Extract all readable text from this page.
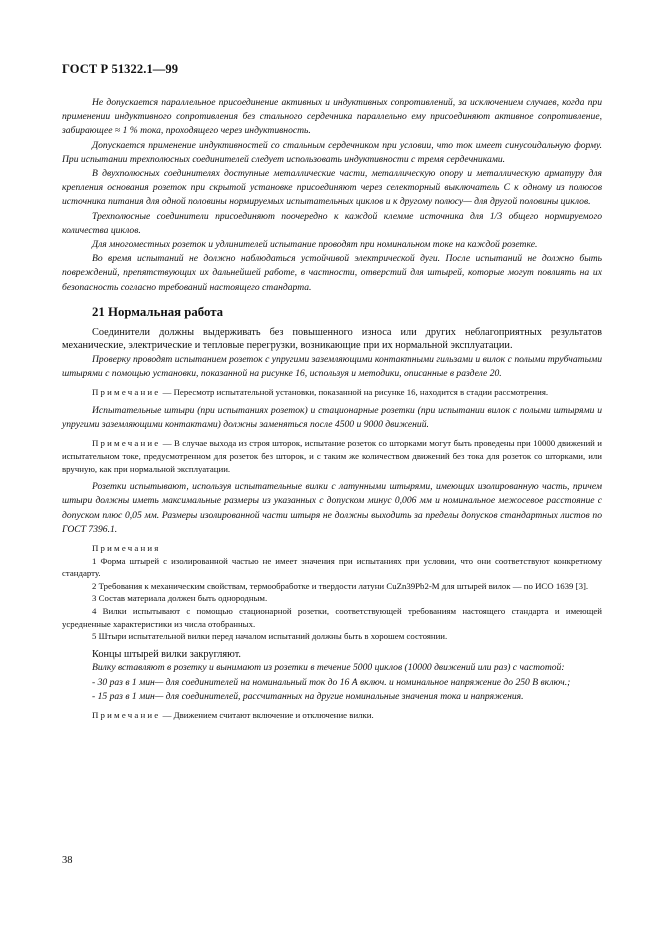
ГОСТ Р 51322.1—99

Не допускается параллельное присоединение активных и индуктивных сопротивлений, за исключением случаев, когда при применении индуктивного сопротивления без стального сердечника параллельно ему присоединяют активное сопротивление, забирающее ≈ 1 % тока, проходящего через индуктивность.

Допускается применение индуктивностей со стальным сердечником при условии, что ток имеет синусоидальную форму. При испытании трехполюсных соединителей следует использовать индуктивности с тремя сердечниками.

В двухполюсных соединителях доступные металлические части, металлическую опору и металлическую арматуру для крепления основания розеток при скрытой установке присоединяют через селекторный выключатель С к одному из полюсов источника питания для одной половины нормируемых испытательных циклов и к другому полюсу— для другой половины циклов.

Трехполюсные соединители присоединяют поочередно к каждой клемме источника для 1/3 общего нормируемого количества циклов.

Для многоместных розеток и удлинителей испытание проводят при номинальном токе на каждой розетке.

Во время испытаний не должно наблюдаться устойчивой электрической дуги. После испытаний не должно быть повреждений, препятствующих их дальнейшей работе, в частности, отверстий для штырей, которые могут повлиять на их безопасность согласно требований настоящего стандарта.

21 Нормальная работа

Соединители должны выдерживать без повышенного износа или других неблагоприятных результатов механические, электрические и тепловые перегрузки, возникающие при их нормальной эксплуатации.

Проверку проводят испытанием розеток с упругими заземляющими контактными гильзами и вилок с полыми трубчатыми штырями с помощью установки, показанной на рисунке 16, используя и методики, описанные в разделе 20.

Примечание — Пересмотр испытательной установки, показанной на рисунке 16, находится в стадии рассмотрения.

Испытательные штыри (при испытаниях розеток) и стационарные розетки (при испытании вилок с полыми штырями и упругими заземляющими контактами) должны заменяться после 4500 и 9000 движений.

Примечание — В случае выхода из строя шторок, испытание розеток со шторками могут быть проведены при 10000 движений и испытательном токе, предусмотренном для розеток без шторок, и с таким же количеством движений без тока для розеток со шторками, или вручную, как при нормальной эксплуатации.

Розетки испытывают, используя испытательные вилки с латунными штырями, имеющих изолированную часть, причем штыри должны иметь максимальные размеры из указанных с допуском минус 0,006 мм и номинальное межосевое расстояние с допуском плюс 0,05 мм. Размеры изолированной части штыря не должны выходить за пределы допусков стандартных листов по ГОСТ 7396.1.

Примечания

1 Форма штырей с изолированной частью не имеет значения при испытаниях при условии, что они соответствуют конкретному стандарту.

2 Требования к механическим свойствам, термообработке и твердости латуни CuZn39Pb2-M для штырей вилок — по ИСО 1639 [3].

3 Состав материала должен быть однородным.

4 Вилки испытывают с помощью стационарной розетки, соответствующей требованиям настоящего стандарта и имеющей усредненные характеристики из числа отобранных.

5 Штыри испытательной вилки перед началом испытаний должны быть в хорошем состоянии.

Концы штырей вилки закругляют.

Вилку вставляют в розетку и вынимают из розетки в течение 5000 циклов (10000 движений или раз) с частотой:

- 30 раз в 1 мин— для соединителей на номинальный ток до 16 А включ. и номинальное напряжение до 250 В включ.;

- 15 раз в 1 мин— для соединителей, рассчитанных на другие номинальные значения тока и напряжения.

Примечание — Движением считают включение и отключение вилки.

38
